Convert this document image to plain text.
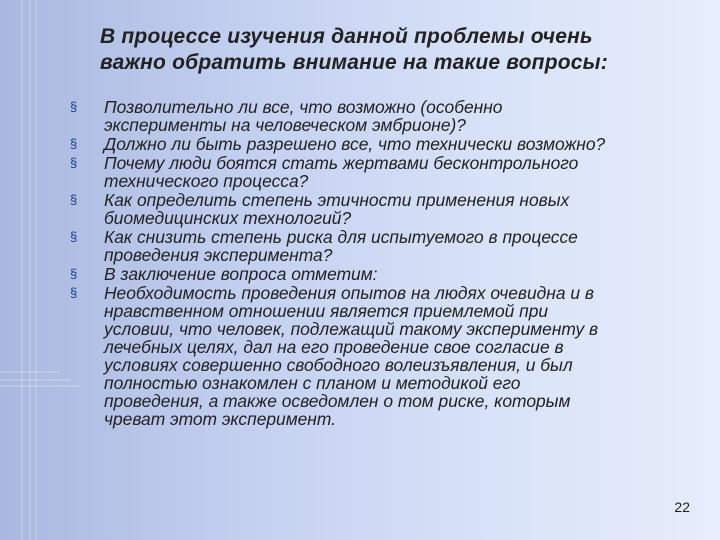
В процессе изучения данной проблемы очень
важно обратить внимание на такие вопросы:
§	Позволительно ли все, что возможно (особенно
эксперименты на человеческом эмбрионе)?
§	Должно ли быть разрешено все, что технически возможно?
§	Почему люди боятся стать жертвами бесконтрольного
технического процесса?
§	Как определить степень этичности применения новых
биомедицинских технологий?
§	Как снизить степень риска для испытуемого в процессе
проведения эксперимента?
§	В заключение вопроса отметим:
§	Необходимость проведения опытов на людях очевидна и в
нравственном отношении является приемлемой при
условии, что человек, подлежащий такому эксперименту в
лечебных целях, дал на его проведение свое согласие в
условиях совершенно свободного волеизъявления, и был
полностью ознакомлен с планом и методикой его
проведения, а также осведомлен о том риске, которым
чреват этот эксперимент.
22
